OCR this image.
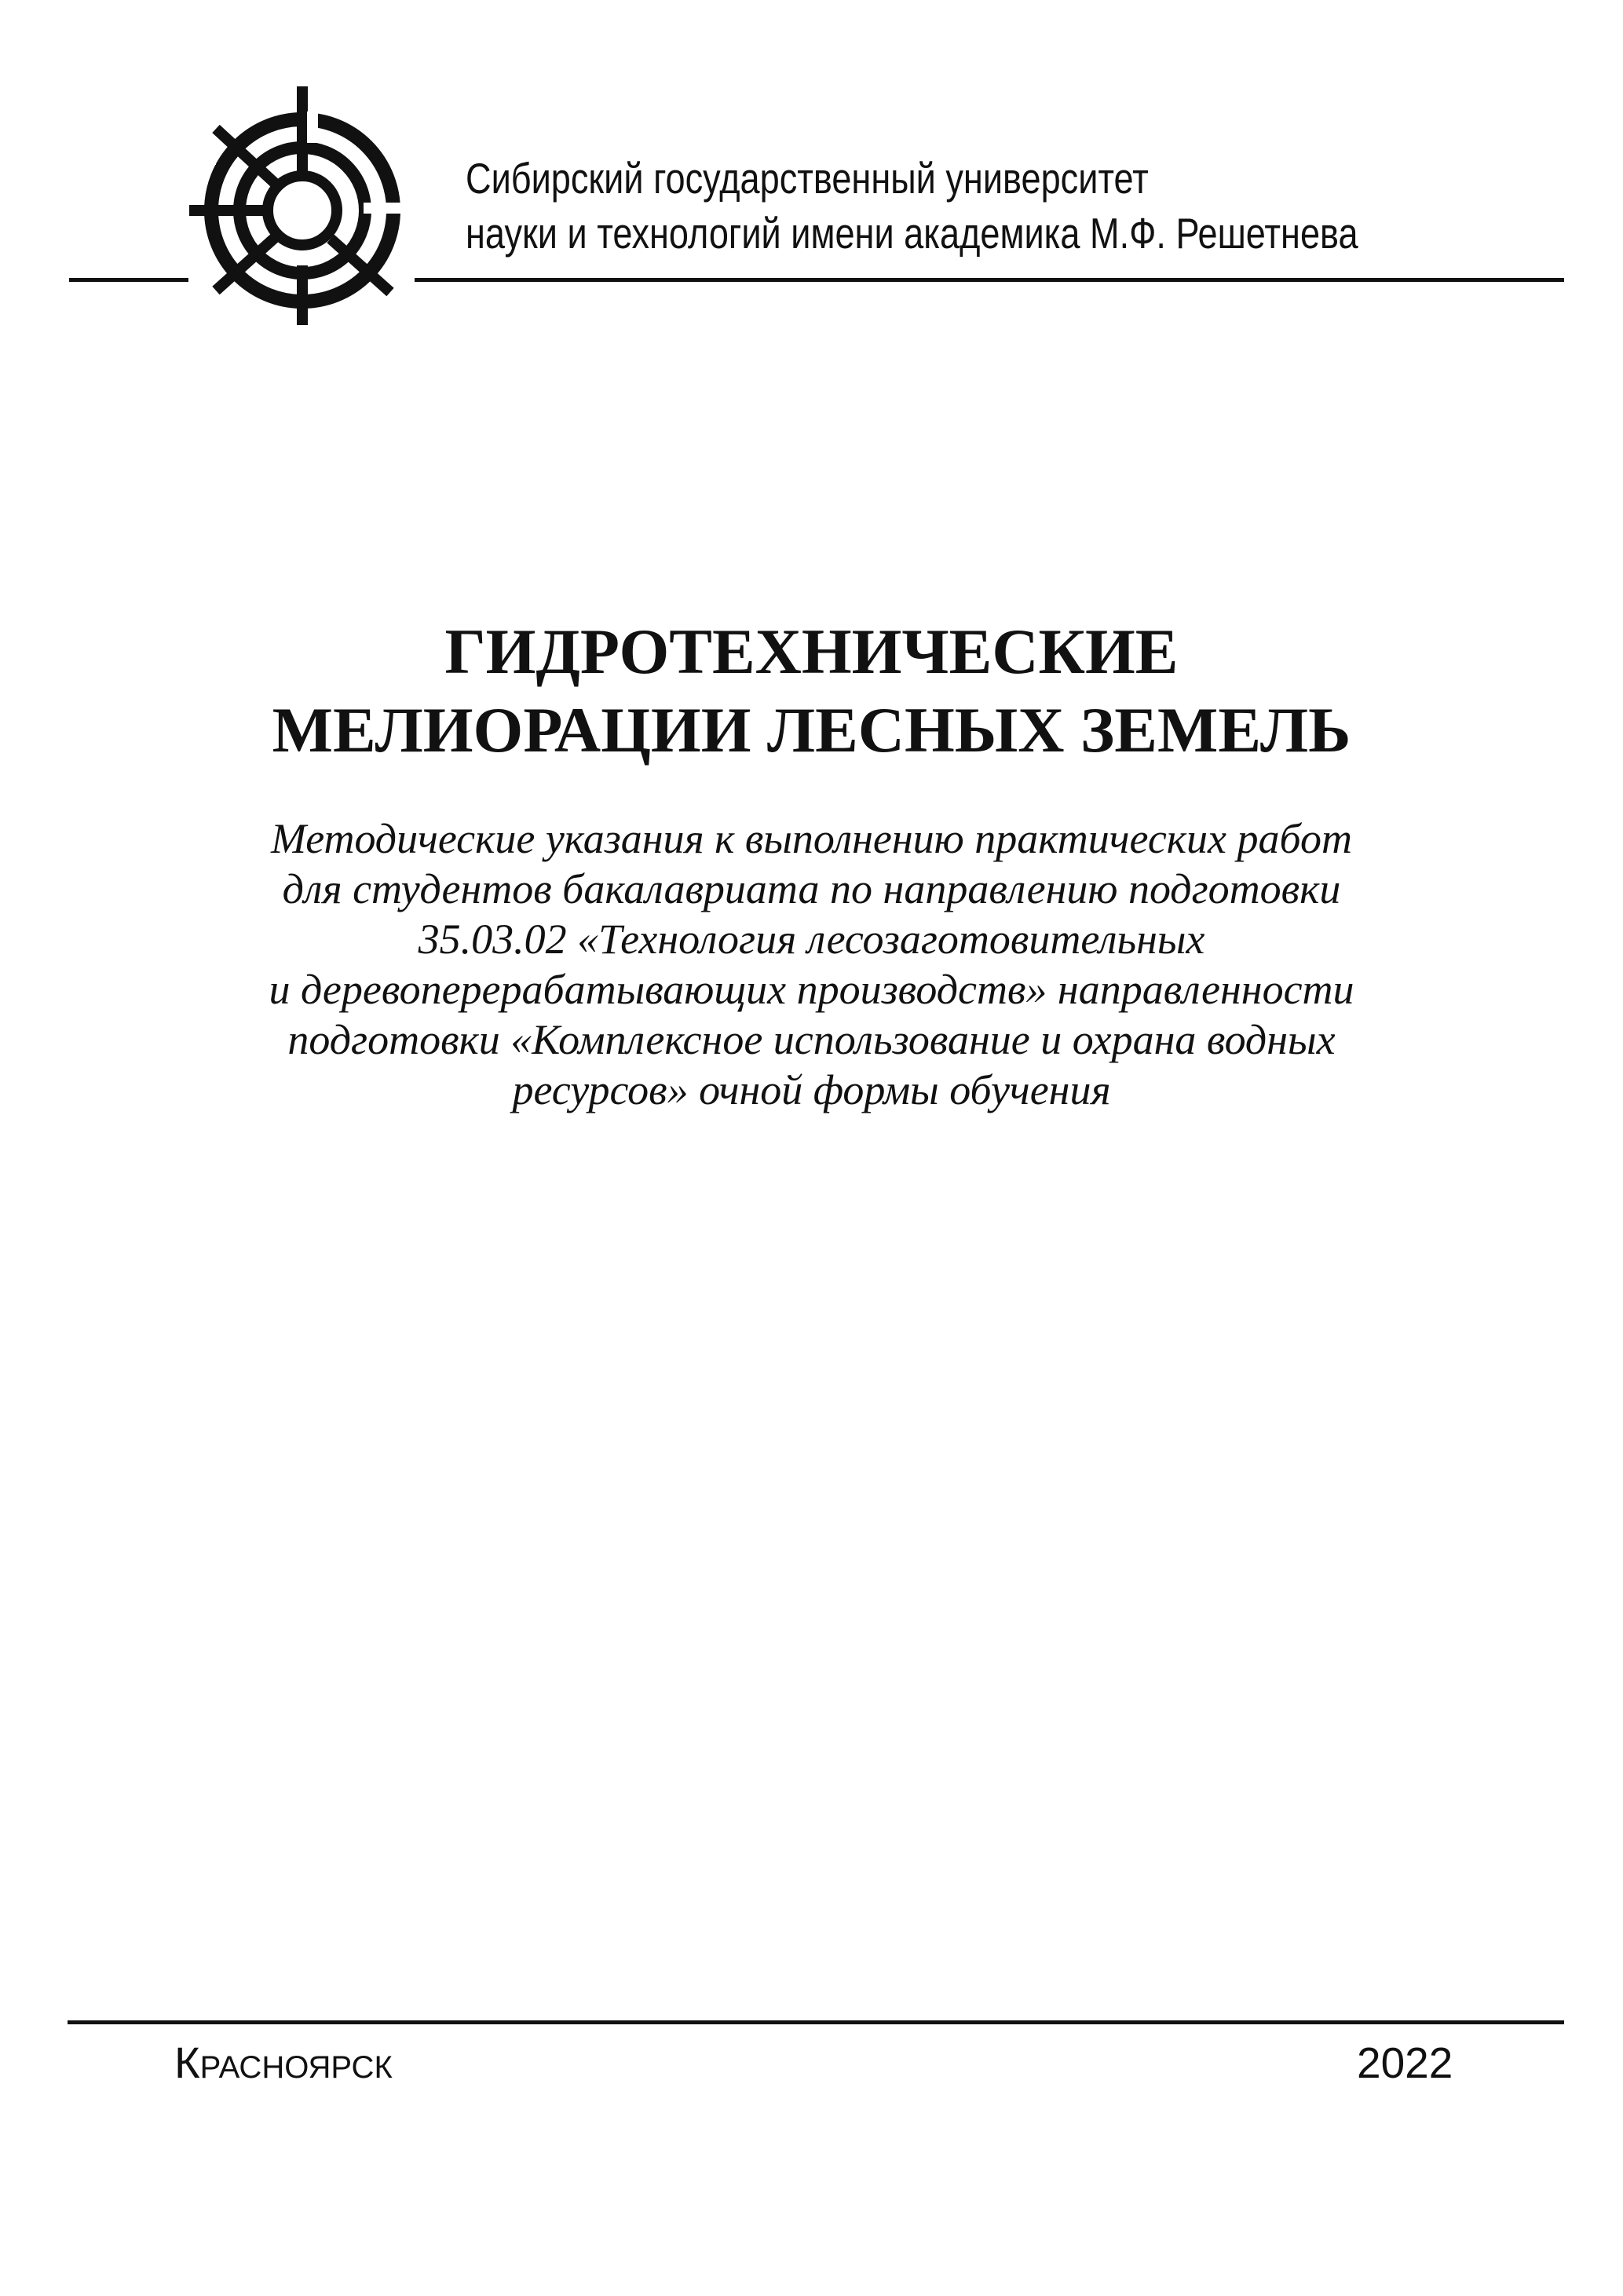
Сибирский государственный университет
науки и технологий имени академика М.Ф. Решетнева
ГИДРОТЕХНИЧЕСКИЕ
МЕЛИОРАЦИИ ЛЕСНЫХ ЗЕМЕЛЬ
Методические указания к выполнению практических работ
для студентов бакалавриата по направлению подготовки
35.03.02 «Технология лесозаготовительных
и деревоперерабатывающих производств» направленности
подготовки «Комплексное использование и охрана водных
ресурсов» очной формы обучения
КРАСНОЯРСК	2022
